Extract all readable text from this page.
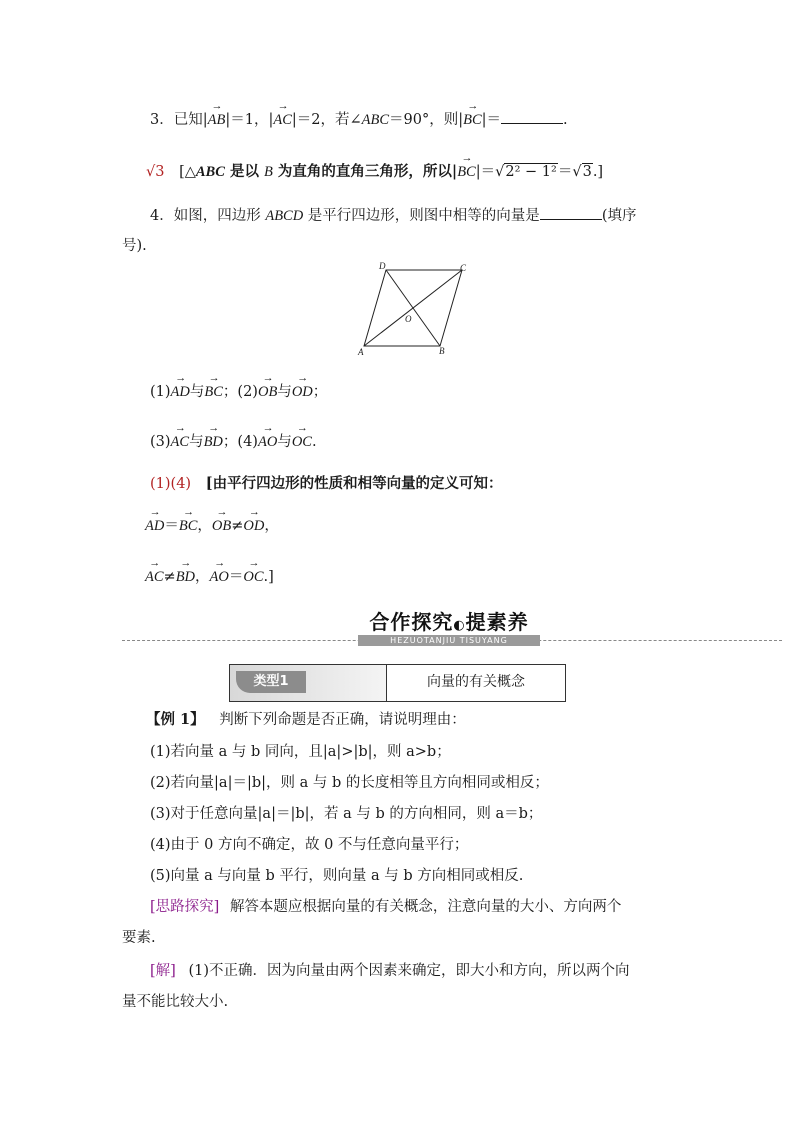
3．已知|→ AB|＝1，|→ AC|＝2，若∠ABC＝90°，则|→ BC|＝	.
√3 [△ABC 是以 B 为直角的直角三角形，所以|→ BC|＝√2² − 1²＝√3.]
4．如图，四边形 ABCD 是平行四边形，则图中相等的向量是	(填序
号).
D	C
A	B
O
(1)→ AD与→ BC；(2)→ OB与→ OD；
(3)→ AC与→ BD；(4)→ AO与→ OC.
(1)(4) [由平行四边形的性质和相等向量的定义可知：
→ AD＝→ BC，→ OB≠→ OD，
→ AC≠→ BD，→ AO＝→ OC.]
合作探究◐提素养
HEZUOTANJIU TISUYANG
类型1	向量的有关概念
【例 1】 判断下列命题是否正确，请说明理由：
(1)若向量 a 与 b 同向，且|a|>|b|，则 a>b；
(2)若向量|a|＝|b|，则 a 与 b 的长度相等且方向相同或相反；
(3)对于任意向量|a|＝|b|，若 a 与 b 的方向相同，则 a＝b；
(4)由于 0 方向不确定，故 0 不与任意向量平行；
(5)向量 a 与向量 b 平行，则向量 a 与 b 方向相同或相反.
[思路探究] 解答本题应根据向量的有关概念，注意向量的大小、方向两个
要素.
[解] (1)不正确．因为向量由两个因素来确定，即大小和方向，所以两个向
量不能比较大小.
